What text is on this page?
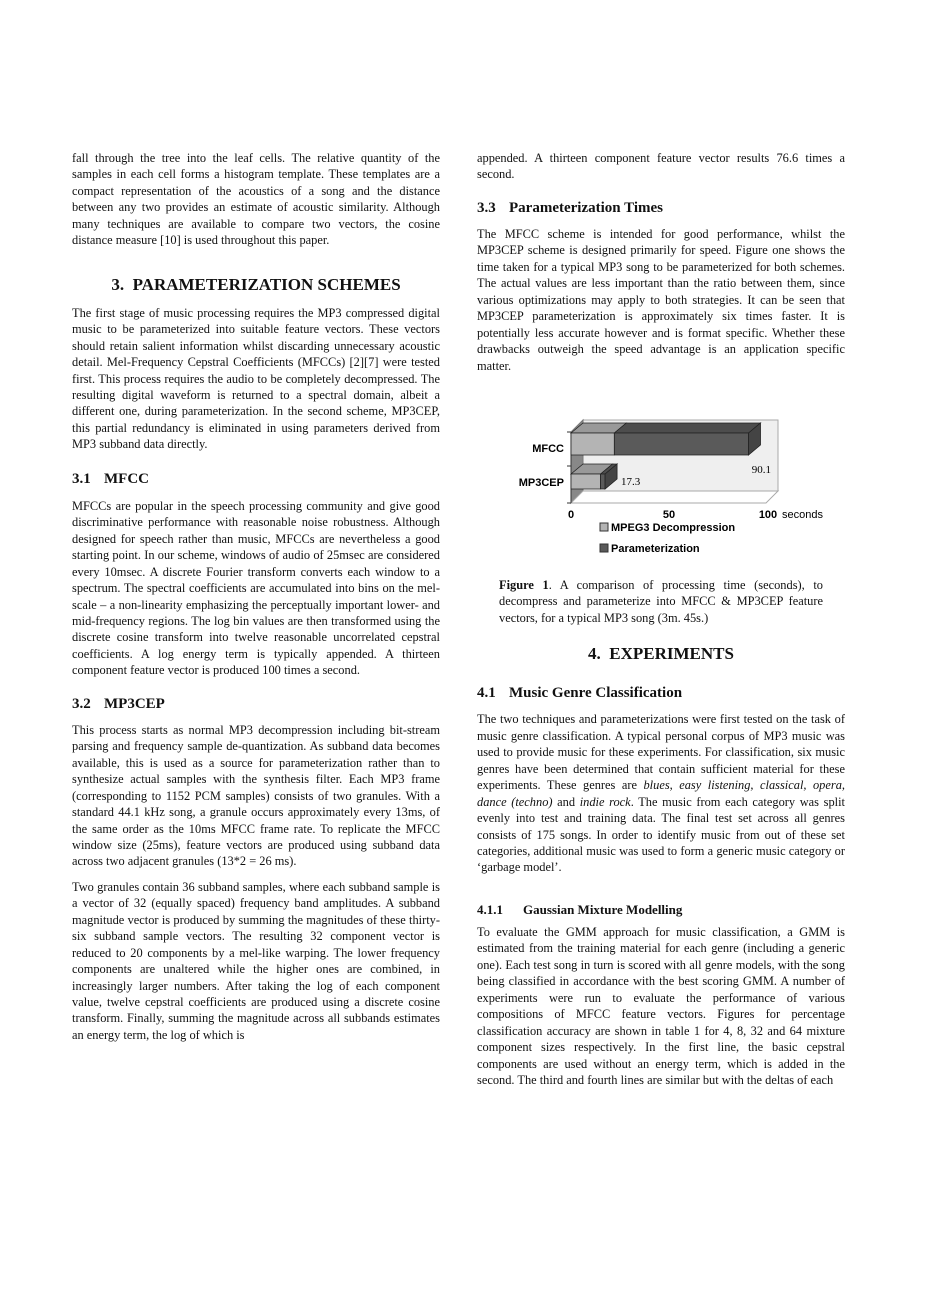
fall through the tree into the leaf cells. The relative quantity of the samples in each cell forms a histogram template. These templates are a compact representation of the acoustics of a song and the distance between any two provides an estimate of acoustic similarity. Although many techniques are available to compare two vectors, the cosine distance measure [10] is used throughout this paper.

3. PARAMETERIZATION SCHEMES

The first stage of music processing requires the MP3 compressed digital music to be parameterized into suitable feature vectors. These vectors should retain salient information whilst discarding unnecessary acoustic detail. Mel-Frequency Cepstral Coefficients (MFCCs) [2][7] were tested first. This process requires the audio to be completely decompressed. The resulting digital waveform is returned to a spectral domain, albeit a different one, during parameterization. In the second scheme, MP3CEP, this partial redundancy is eliminated in using parameters derived from MP3 subband data directly.

3.1 MFCC

MFCCs are popular in the speech processing community and give good discriminative performance with reasonable noise robustness. Although designed for speech rather than music, MFCCs are nevertheless a good starting point. In our scheme, windows of audio of 25msec are considered every 10msec. A discrete Fourier transform converts each window to a spectrum. The spectral coefficients are accumulated into bins on the mel-scale – a non-linearity emphasizing the perceptually important lower- and mid-frequency regions. The log bin values are then transformed using the discrete cosine transform into twelve reasonable uncorrelated cepstral coefficients. A log energy term is typically appended. A thirteen component feature vector is produced 100 times a second.

3.2 MP3CEP

This process starts as normal MP3 decompression including bit-stream parsing and frequency sample de-quantization. As subband data becomes available, this is used as a source for parameterization rather than to synthesize actual samples with the synthesis filter. Each MP3 frame (corresponding to 1152 PCM samples) consists of two granules. With a standard 44.1 kHz song, a granule occurs approximately every 13ms, of the same order as the 10ms MFCC frame rate. To replicate the MFCC window size (25ms), feature vectors are produced using subband data across two adjacent granules (13*2 = 26 ms).

Two granules contain 36 subband samples, where each subband sample is a vector of 32 (equally spaced) frequency band amplitudes. A subband magnitude vector is produced by summing the magnitudes of these thirty-six subband sample vectors. The resulting 32 component vector is reduced to 20 components by a mel-like warping. The lower frequency components are unaltered while the higher ones are combined, in increasingly larger numbers. After taking the log of each component value, twelve cepstral coefficients are produced using a discrete cosine transform. Finally, summing the magnitude across all subbands estimates an energy term, the log of which is

appended. A thirteen component feature vector results 76.6 times a second.

3.3 Parameterization Times

The MFCC scheme is intended for good performance, whilst the MP3CEP scheme is designed primarily for speed. Figure one shows the time taken for a typical MP3 song to be parameterized for both schemes. The actual values are less important than the ratio between them, since various optimizations may apply to both strategies. It can be seen that MP3CEP parameterization is approximately six times faster. It is potentially less accurate however and is format specific. Whether these drawbacks outweigh the speed advantage is an application specific matter.

MFCC
MP3CEP
90.1
17.3
0	50	100 seconds
MPEG3 Decompression
Parameterization

Figure 1. A comparison of processing time (seconds), to decompress and parameterize into MFCC & MP3CEP feature vectors, for a typical MP3 song (3m. 45s.)

4. EXPERIMENTS
4.1 Music Genre Classification

The two techniques and parameterizations were first tested on the task of music genre classification. A typical personal corpus of MP3 music was used to provide music for these experiments. For classification, six music genres have been determined that contain sufficient material for these experiments. These genres are blues, easy listening, classical, opera, dance (techno) and indie rock. The music from each category was split evenly into test and training data. The final test set across all genres consists of 175 songs. In order to identify music from out of these set categories, additional music was used to form a generic music category or ‘garbage model’.

4.1.1 Gaussian Mixture Modelling

To evaluate the GMM approach for music classification, a GMM is estimated from the training material for each genre (including a generic one). Each test song in turn is scored with all genre models, with the song being classified in accordance with the best scoring GMM. A number of experiments were run to evaluate the performance of various compositions of MFCC feature vectors. Figures for percentage classification accuracy are shown in table 1 for 4, 8, 32 and 64 mixture component sizes respectively. In the first line, the basic cepstral components are used without an energy term, which is added in the second. The third and fourth lines are similar but with the deltas of each
